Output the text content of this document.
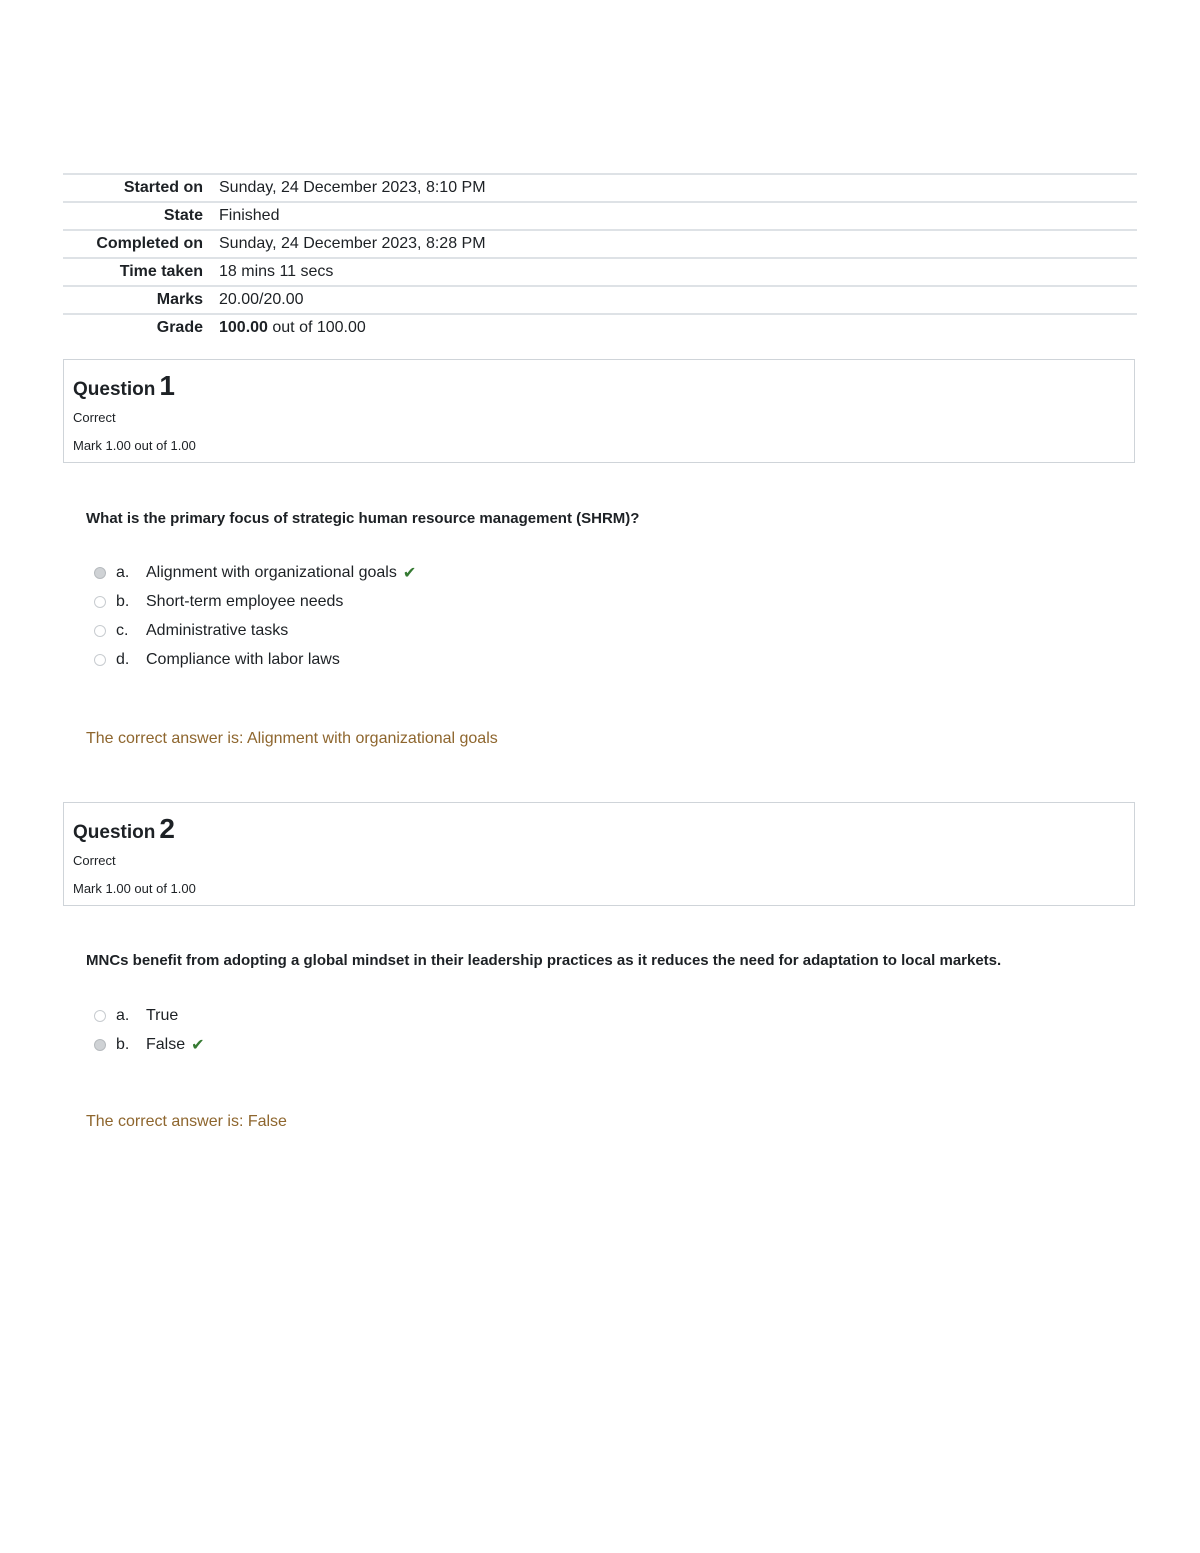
Started on	Sunday, 24 December 2023, 8:10 PM
State	Finished
Completed on	Sunday, 24 December 2023, 8:28 PM
Time taken	18 mins 11 secs
Marks	20.00/20.00
Grade	100.00 out of 100.00
Question 1
Correct
Mark 1.00 out of 1.00
What is the primary focus of strategic human resource management (SHRM)?
a.	Alignment with organizational goals ✔
b.	Short-term employee needs
c.	Administrative tasks
d.	Compliance with labor laws
The correct answer is: Alignment with organizational goals
Question 2
Correct
Mark 1.00 out of 1.00
MNCs benefit from adopting a global mindset in their leadership practices as it reduces the need for adaptation to local markets.
a.	True
b.	False ✔
The correct answer is: False
